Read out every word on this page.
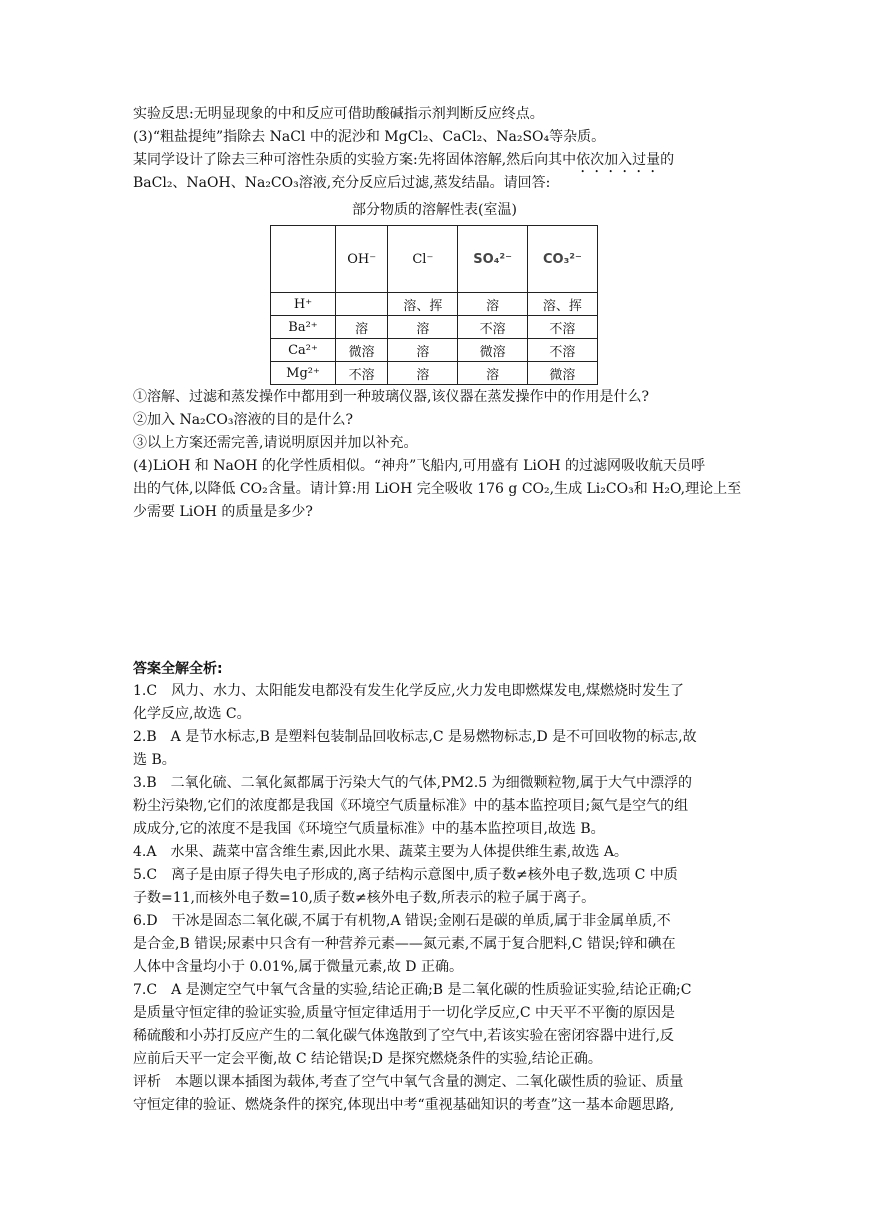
实验反思:无明显现象的中和反应可借助酸碱指示剂判断反应终点。
(3)“粗盐提纯”指除去 NaCl 中的泥沙和 MgCl₂、CaCl₂、Na₂SO₄等杂质。
某同学设计了除去三种可溶性杂质的实验方案:先将固体溶解,然后向其中依次加入过量的
BaCl₂、NaOH、Na₂CO₃溶液,充分反应后过滤,蒸发结晶。请回答:
部分物质的溶解性表(室温)
	OH⁻	Cl⁻	SO₄²⁻	CO₃²⁻
H⁺		溶、挥	溶	溶、挥
Ba²⁺	溶	溶	不溶	不溶
Ca²⁺	微溶	溶	微溶	不溶
Mg²⁺	不溶	溶	溶	微溶
①溶解、过滤和蒸发操作中都用到一种玻璃仪器,该仪器在蒸发操作中的作用是什么?
②加入 Na₂CO₃溶液的目的是什么?
③以上方案还需完善,请说明原因并加以补充。
(4)LiOH 和 NaOH 的化学性质相似。“神舟”飞船内,可用盛有 LiOH 的过滤网吸收航天员呼
出的气体,以降低 CO₂含量。请计算:用 LiOH 完全吸收 176 g CO₂,生成 Li₂CO₃和 H₂O,理论上至
少需要 LiOH 的质量是多少?
答案全解全析:
1.C　风力、水力、太阳能发电都没有发生化学反应,火力发电即燃煤发电,煤燃烧时发生了
化学反应,故选 C。
2.B　A 是节水标志,B 是塑料包装制品回收标志,C 是易燃物标志,D 是不可回收物的标志,故
选 B。
3.B　二氧化硫、二氧化氮都属于污染大气的气体,PM2.5 为细微颗粒物,属于大气中漂浮的
粉尘污染物,它们的浓度都是我国《环境空气质量标准》中的基本监控项目;氮气是空气的组
成成分,它的浓度不是我国《环境空气质量标准》中的基本监控项目,故选 B。
4.A　水果、蔬菜中富含维生素,因此水果、蔬菜主要为人体提供维生素,故选 A。
5.C　离子是由原子得失电子形成的,离子结构示意图中,质子数≠核外电子数,选项 C 中质
子数=11,而核外电子数=10,质子数≠核外电子数,所表示的粒子属于离子。
6.D　干冰是固态二氧化碳,不属于有机物,A 错误;金刚石是碳的单质,属于非金属单质,不
是合金,B 错误;尿素中只含有一种营养元素——氮元素,不属于复合肥料,C 错误;锌和碘在
人体中含量均小于 0.01%,属于微量元素,故 D 正确。
7.C　A 是测定空气中氧气含量的实验,结论正确;B 是二氧化碳的性质验证实验,结论正确;C
是质量守恒定律的验证实验,质量守恒定律适用于一切化学反应,C 中天平不平衡的原因是
稀硫酸和小苏打反应产生的二氧化碳气体逸散到了空气中,若该实验在密闭容器中进行,反
应前后天平一定会平衡,故 C 结论错误;D 是探究燃烧条件的实验,结论正确。
评析　本题以课本插图为载体,考查了空气中氧气含量的测定、二氧化碳性质的验证、质量
守恒定律的验证、燃烧条件的探究,体现出中考“重视基础知识的考查”这一基本命题思路,
